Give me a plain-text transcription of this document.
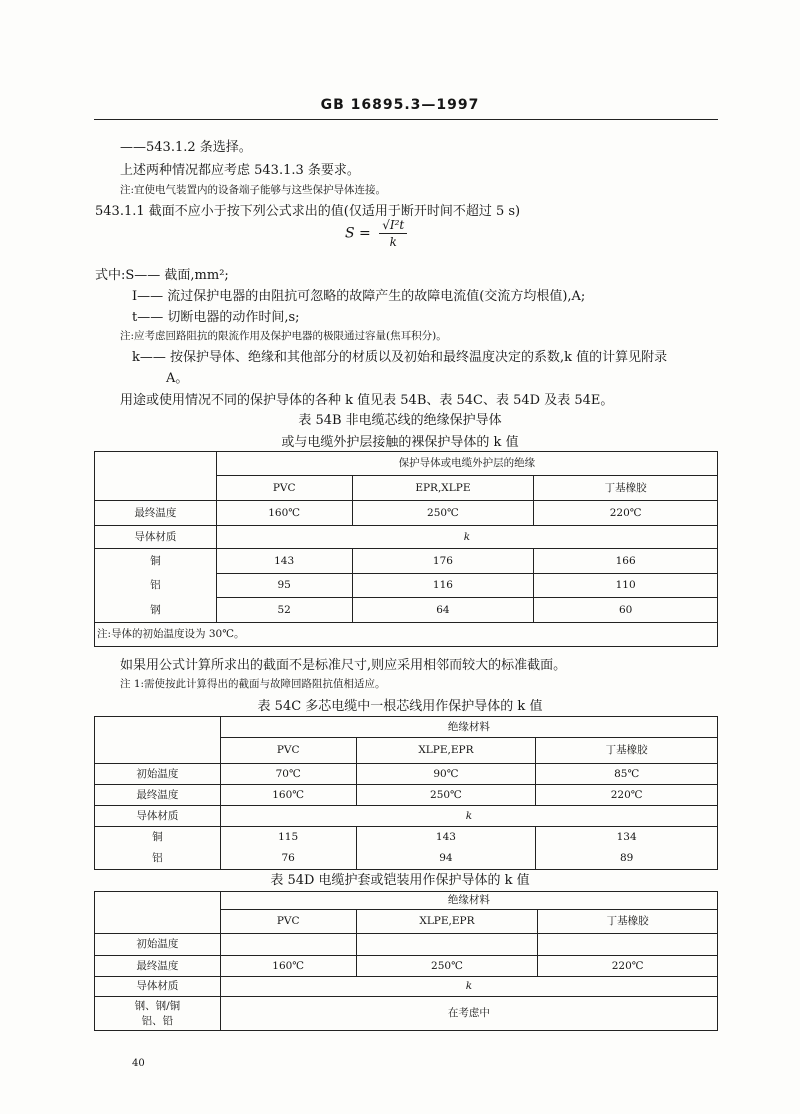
GB 16895.3—1997
——543.1.2 条选择。
上述两种情况都应考虑 543.1.3 条要求。
注:宜使电气装置内的设备端子能够与这些保护导体连接。
543.1.1 截面不应小于按下列公式求出的值(仅适用于断开时间不超过 5 s)
$S = \frac{\text{√I²t}}{k}$
式中:S—— 截面,mm²;
I—— 流过保护电器的由阻抗可忽略的故障产生的故障电流值(交流方均根值),A;
t—— 切断电器的动作时间,s;
注:应考虑回路阻抗的限流作用及保护电器的极限通过容量(焦耳积分)。
k—— 按保护导体、绝缘和其他部分的材质以及初始和最终温度决定的系数,k 值的计算见附录
A。
用途或使用情况不同的保护导体的各种 k 值见表 54B、表 54C、表 54D 及表 54E。
表 54B 非电缆芯线的绝缘保护导体
或与电缆外护层接触的裸保护导体的 k 值
	保护导体或电缆外护层的绝缘		
	PVC	EPR,XLPE	丁基橡胶
最终温度	160℃	250℃	220℃
导体材质	k		
铜	143	176	166
铝	95	116	110
钢	52	64	60
注:导体的初始温度设为 30℃。			
如果用公式计算所求出的截面不是标准尺寸,则应采用相邻而较大的标准截面。
注 1:需使按此计算得出的截面与故障回路阻抗值相适应。
表 54C 多芯电缆中一根芯线用作保护导体的 k 值
	绝缘材料		
	PVC	XLPE,EPR	丁基橡胶
初始温度	70℃	90℃	85℃
最终温度	160℃	250℃	220℃
导体材质	k		
铜	115	143	134
铝	76	94	89
表 54D 电缆护套或铠装用作保护导体的 k 值
	绝缘材料		
	PVC	XLPE,EPR	丁基橡胶
初始温度			
最终温度	160℃	250℃	220℃
导体材质	k		

钢、钢/铜
铝、铅	在考虑中		
40
